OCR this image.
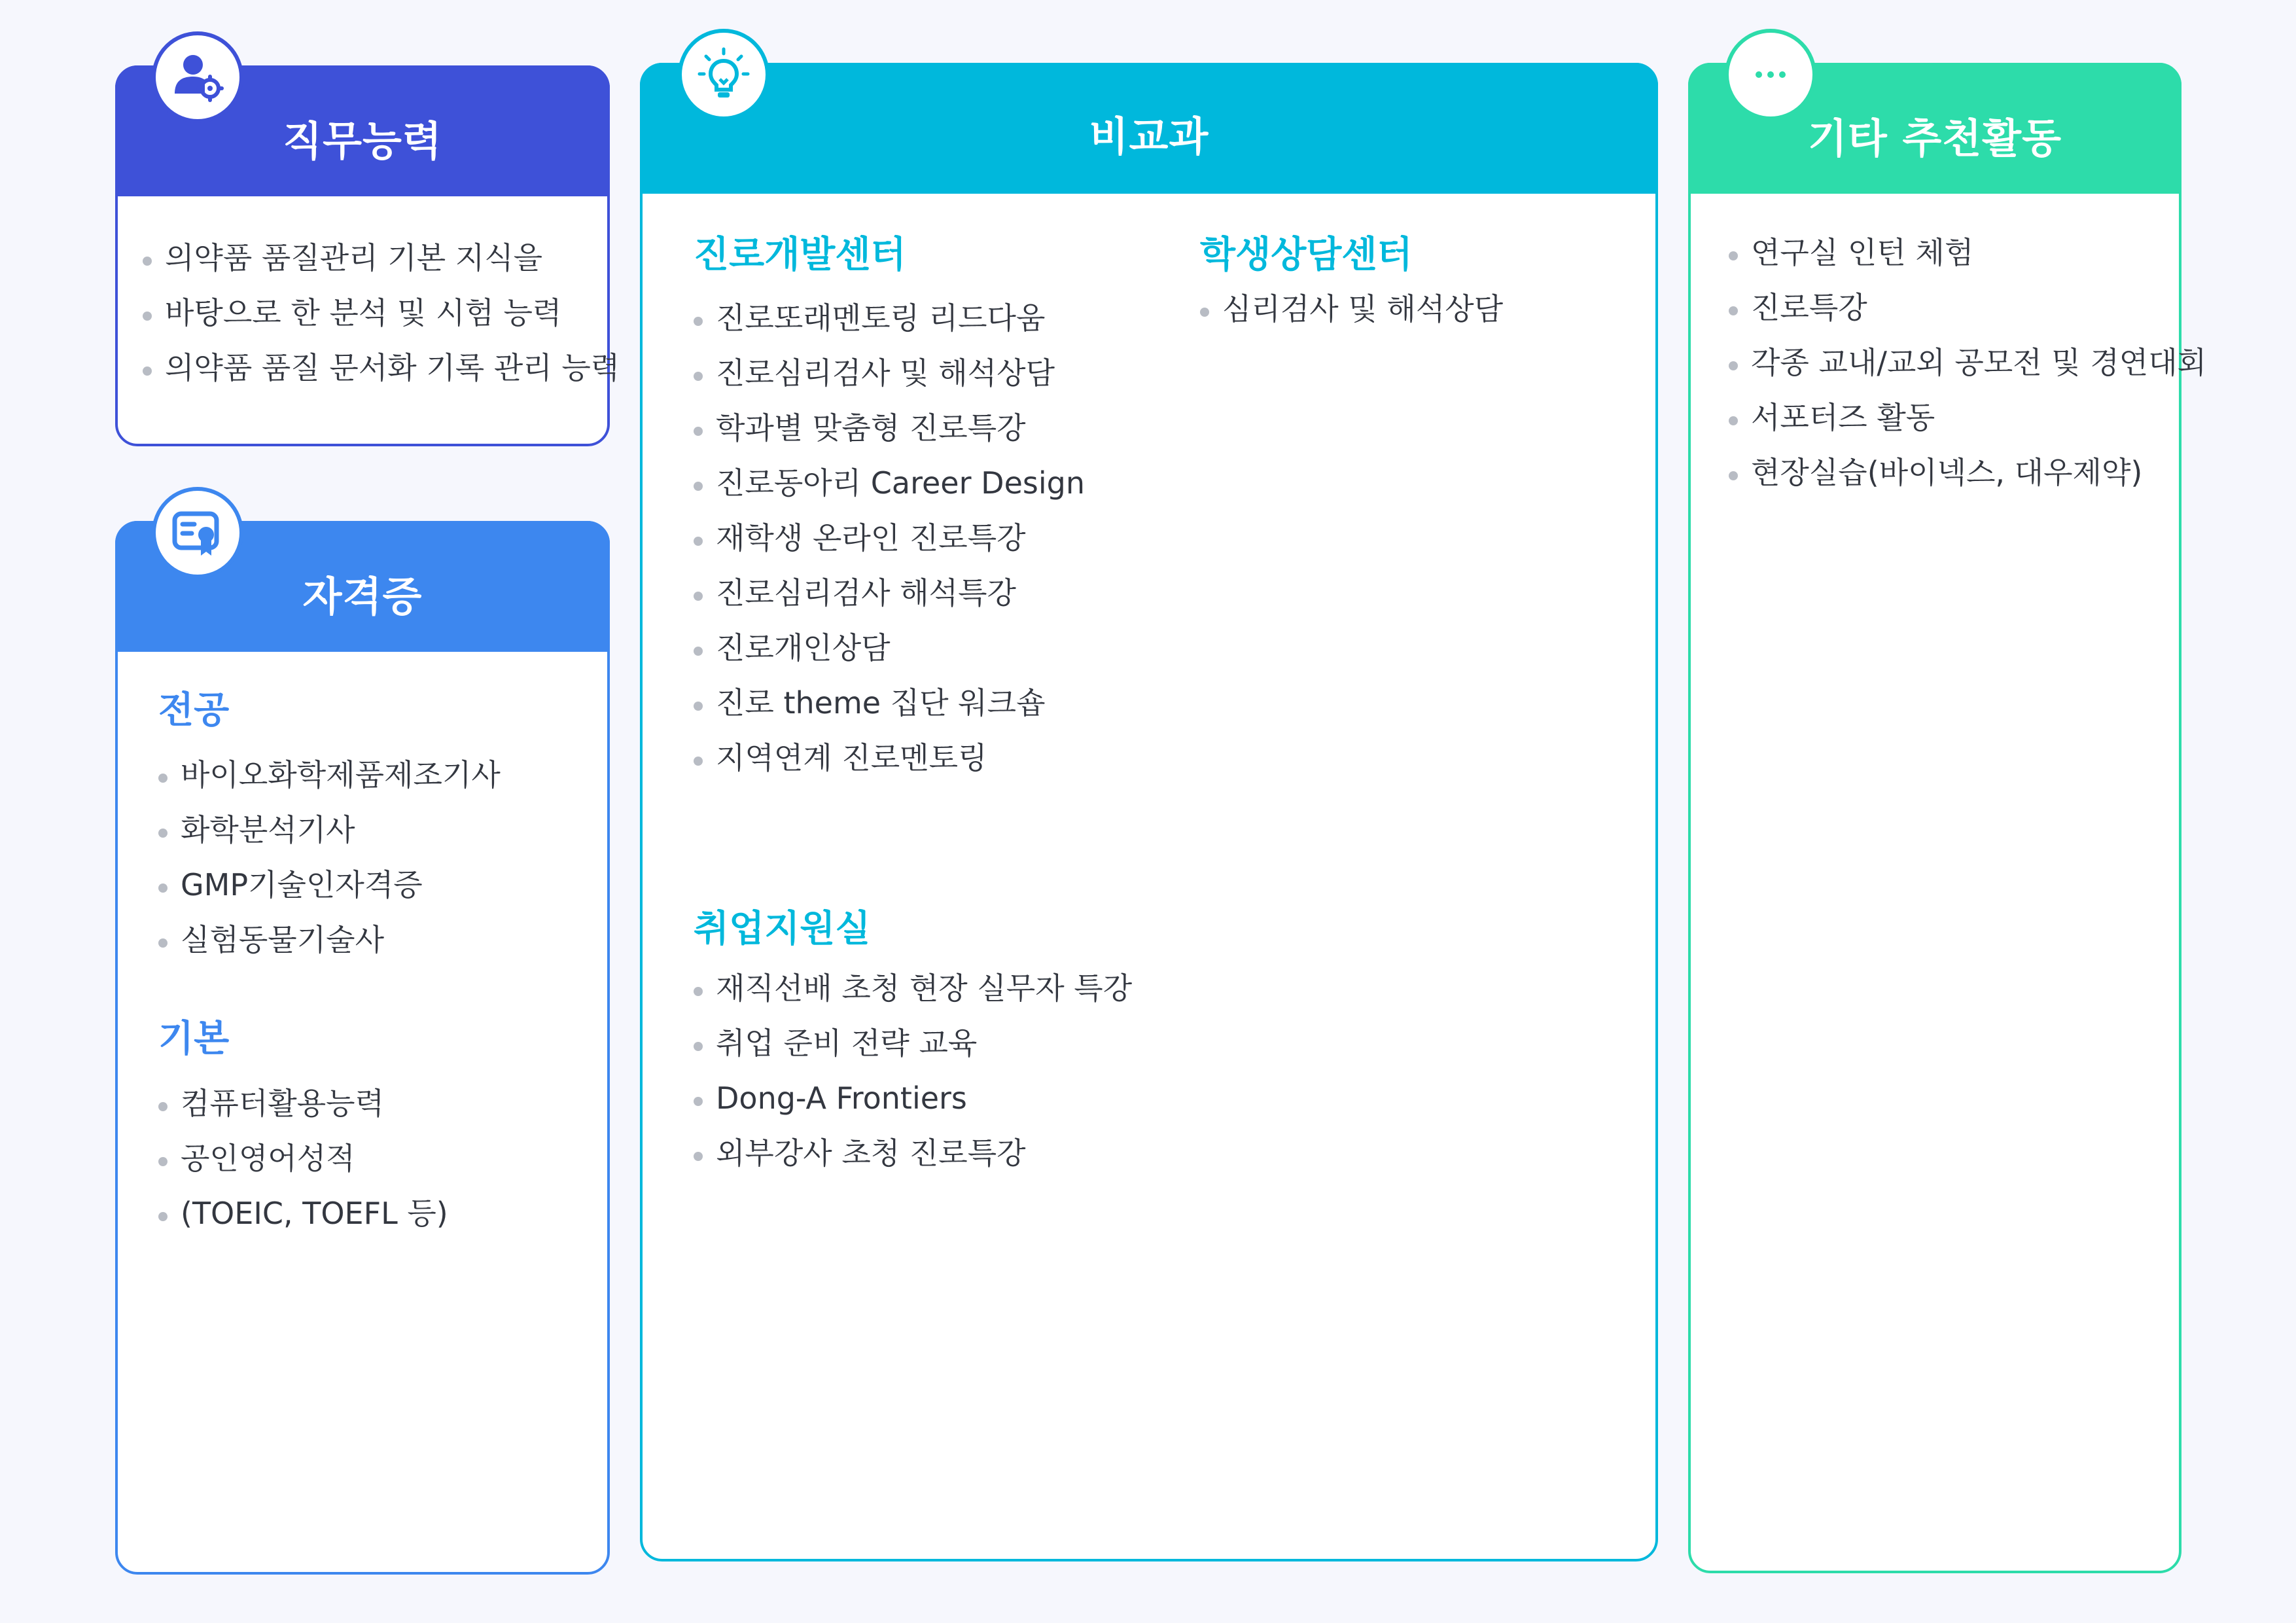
직무능력
의약품 품질관리 기본 지식을
바탕으로 한 분석 및 시험 능력
의약품 품질 문서화 기록 관리 능력
자격증
전공
바이오화학제품제조기사
화학분석기사
GMP기술인자격증
실험동물기술사
기본
컴퓨터활용능력
공인영어성적
(TOEIC, TOEFL 등)
비교과
진로개발센터
진로또래멘토링 리드다움
진로심리검사 및 해석상담
학과별 맞춤형 진로특강
진로동아리 Career Design
재학생 온라인 진로특강
진로심리검사 해석특강
진로개인상담
진로 theme 집단 워크숍
지역연계 진로멘토링
학생상담센터
심리검사 및 해석상담
취업지원실
재직선배 초청 현장 실무자 특강
취업 준비 전략 교육
Dong-A Frontiers
외부강사 초청 진로특강
기타 추천활동
연구실 인턴 체험
진로특강
각종 교내/교외 공모전 및 경연대회
서포터즈 활동
현장실습(바이넥스, 대우제약)
